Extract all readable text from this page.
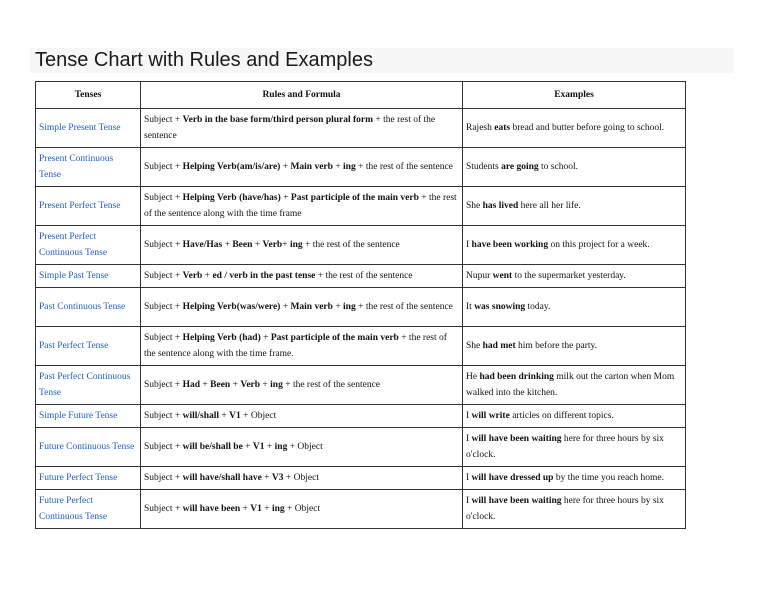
Tense Chart with Rules and Examples
Tenses	Rules and Formula	Examples
Simple Present Tense	Subject + Verb in the base form/third person plural form + the rest of the sentence	Rajesh eats bread and butter before going to school.
Present Continuous Tense	Subject + Helping Verb(am/is/are) + Main verb + ing + the rest of the sentence	Students are going to school.
Present Perfect Tense	Subject + Helping Verb (have/has) + Past participle of the main verb + the rest of the sentence along with the time frame	She has lived here all her life.
Present Perfect Continuous Tense	Subject + Have/Has + Been + Verb+ ing + the rest of the sentence	I have been working on this project for a week.
Simple Past Tense	Subject + Verb + ed / verb in the past tense + the rest of the sentence	Nupur went to the supermarket yesterday.
Past Continuous Tense	Subject + Helping Verb(was/were) + Main verb + ing + the rest of the sentence	It was snowing today.
Past Perfect Tense	Subject + Helping Verb (had) + Past participle of the main verb + the rest of the sentence along with the time frame.	She had met him before the party.
Past Perfect Continuous Tense	Subject + Had + Been + Verb + ing + the rest of the sentence	He had been drinking milk out the carton when Mom walked into the kitchen.
Simple Future Tense	Subject + will/shall + V1 + Object	I will write articles on different topics.
Future Continuous Tense	Subject + will be/shall be + V1 + ing + Object	I will have been waiting here for three hours by six o'clock.
Future Perfect Tense	Subject + will have/shall have + V3 + Object	I will have dressed up by the time you reach home.
Future Perfect Continuous Tense	Subject + will have been + V1 + ing + Object	I will have been waiting here for three hours by six o'clock.
